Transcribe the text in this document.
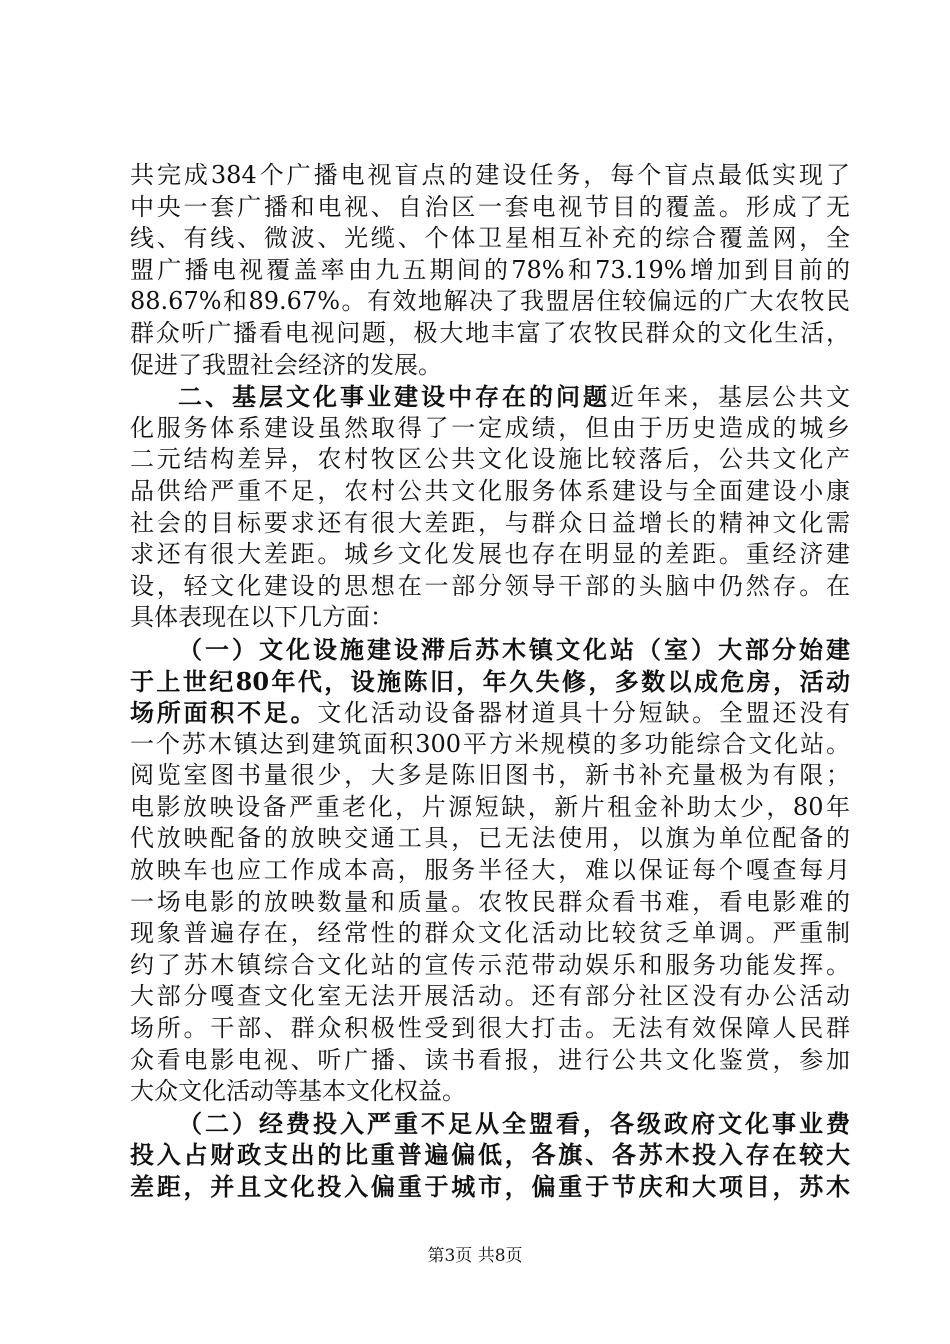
共完成384个广播电视盲点的建设任务，每个盲点最低实现了
中央一套广播和电视、自治区一套电视节目的覆盖。形成了无
线、有线、微波、光缆、个体卫星相互补充的综合覆盖网，全
盟广播电视覆盖率由九五期间的78%和73.19%增加到目前的
88.67%和89.67%。有效地解决了我盟居住较偏远的广大农牧民
群众听广播看电视问题，极大地丰富了农牧民群众的文化生活，
促进了我盟社会经济的发展。
二、基层文化事业建设中存在的问题近年来，基层公共文
化服务体系建设虽然取得了一定成绩，但由于历史造成的城乡
二元结构差异，农村牧区公共文化设施比较落后，公共文化产
品供给严重不足，农村公共文化服务体系建设与全面建设小康
社会的目标要求还有很大差距，与群众日益增长的精神文化需
求还有很大差距。城乡文化发展也存在明显的差距。重经济建
设，轻文化建设的思想在一部分领导干部的头脑中仍然存。在
具体表现在以下几方面：
（一）文化设施建设滞后苏木镇文化站（室）大部分始建
于上世纪80年代，设施陈旧，年久失修，多数以成危房，活动
场所面积不足。文化活动设备器材道具十分短缺。全盟还没有
一个苏木镇达到建筑面积300平方米规模的多功能综合文化站。
阅览室图书量很少，大多是陈旧图书，新书补充量极为有限；
电影放映设备严重老化，片源短缺，新片租金补助太少，80年
代放映配备的放映交通工具，已无法使用，以旗为单位配备的
放映车也应工作成本高，服务半径大，难以保证每个嘎查每月
一场电影的放映数量和质量。农牧民群众看书难，看电影难的
现象普遍存在，经常性的群众文化活动比较贫乏单调。严重制
约了苏木镇综合文化站的宣传示范带动娱乐和服务功能发挥。
大部分嘎查文化室无法开展活动。还有部分社区没有办公活动
场所。干部、群众积极性受到很大打击。无法有效保障人民群
众看电影电视、听广播、读书看报，进行公共文化鉴赏，参加
大众文化活动等基本文化权益。
（二）经费投入严重不足从全盟看，各级政府文化事业费
投入占财政支出的比重普遍偏低，各旗、各苏木投入存在较大
差距，并且文化投入偏重于城市，偏重于节庆和大项目，苏木
第3页 共8页
